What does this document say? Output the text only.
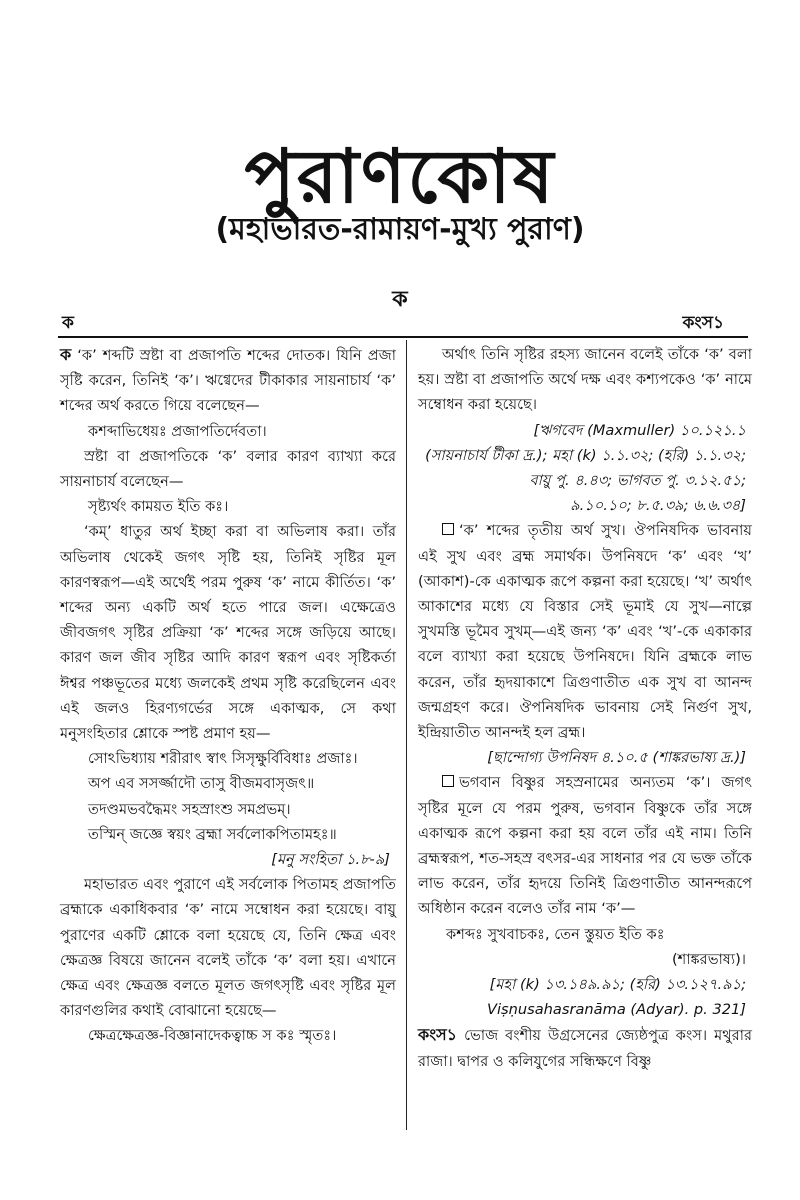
পুরাণকোষ
(মহাভারত-রামায়ণ-মুখ্য পুরাণ)
ক
ক	কংস১

ক ‘ক’ শব্দটি স্রষ্টা বা প্রজাপতি শব্দের দোতক। যিনি প্রজা সৃষ্টি করেন, তিনিই ‘ক’। ঋগ্বেদের টীকাকার সায়নাচার্য ‘ক’ শব্দের অর্থ করতে গিয়ে বলেছেন—

কশব্দাভিধেয়ঃ প্রজাপতির্দেবতা।

স্রষ্টা বা প্রজাপতিকে ‘ক’ বলার কারণ ব্যাখ্যা করে সায়নাচার্য বলেছেন—

সৃষ্ট্যর্থং কাময়ত ইতি কঃ।

‘কম্’ ধাতুর অর্থ ইচ্ছা করা বা অভিলাষ করা। তাঁর অভিলাষ থেকেই জগৎ সৃষ্টি হয়, তিনিই সৃষ্টির মূল কারণস্বরূপ—এই অর্থেই পরম পুরুষ ‘ক’ নামে কীর্তিত। ‘ক’ শব্দের অন্য একটি অর্থ হতে পারে জল। এক্ষেত্রেও জীবজগৎ সৃষ্টির প্রক্রিয়া ‘ক’ শব্দের সঙ্গে জড়িয়ে আছে। কারণ জল জীব সৃষ্টির আদি কারণ স্বরূপ এবং সৃষ্টিকর্তা ঈশ্বর পঞ্চভূতের মধ্যে জলকেই প্রথম সৃষ্টি করেছিলেন এবং এই জলও হিরণ্যগর্ভের সঙ্গে একাত্মক, সে কথা মনুসংহিতার শ্লোকে স্পষ্ট প্রমাণ হয়—

সোঽভিধ্যায় শরীরাৎ স্বাৎ সিসৃক্ষুর্বিবিধাঃ প্রজাঃ।

অপ এব সসর্জ্জাদৌ তাসু বীজমবাসৃজৎ॥

তদণ্ডমভবদ্ধৈমং সহস্রাংশু সমপ্রভম্।

তস্মিন্ জজ্ঞে স্বয়ং ব্রহ্মা সর্বলোকপিতামহঃ॥

[মনু সংহিতা ১.৮-৯]

মহাভারত এবং পুরাণে এই সর্বলোক পিতামহ প্রজাপতি ব্রহ্মাকে একাধিকবার ‘ক’ নামে সম্বোধন করা হয়েছে। বায়ু পুরাণের একটি শ্লোকে বলা হয়েছে যে, তিনি ক্ষেত্র এবং ক্ষেত্রজ্ঞ বিষয়ে জানেন বলেই তাঁকে ‘ক’ বলা হয়। এখানে ক্ষেত্র এবং ক্ষেত্রজ্ঞ বলতে মূলত জগৎসৃষ্টি এবং সৃষ্টির মূল কারণগুলির কথাই বোঝানো হয়েছে—

ক্ষেত্রক্ষেত্রজ্ঞ-বিজ্ঞানাদেকত্বাচ্চ স কঃ স্মৃতঃ।

অর্থাৎ তিনি সৃষ্টির রহস্য জানেন বলেই তাঁকে ‘ক’ বলা হয়। স্রষ্টা বা প্রজাপতি অর্থে দক্ষ এবং কশ্যপকেও ‘ক’ নামে সম্বোধন করা হয়েছে।

[ঋগবেদ (Maxmuller) ১০.১২১.১

(সায়নাচার্য টীকা দ্র.); মহা (k) ১.১.৩২; (হরি) ১.১.৩২;

বায়ু পু. ৪.৪৩; ভাগবত পু. ৩.১২.৫১;

৯.১০.১০; ৮.৫.৩৯; ৬.৬.৩৪]

‘ক’ শব্দের তৃতীয় অর্থ সুখ। ঔপনিষদিক ভাবনায় এই সুখ এবং ব্রহ্ম সমার্থক। উপনিষদে ‘ক’ এবং ‘খ’ (আকাশ)-কে একাত্মক রূপে কল্পনা করা হয়েছে। ‘খ’ অর্থাৎ আকাশের মধ্যে যে বিস্তার সেই ভূমাই যে সুখ—নাল্পে সুখমস্তি ভূমৈব সুখম্—এই জন্য ‘ক’ এবং ‘খ’-কে একাকার বলে ব্যাখ্যা করা হয়েছে উপনিষদে। যিনি ব্রহ্মকে লাভ করেন, তাঁর হৃদয়াকাশে ত্রিগুণাতীত এক সুখ বা আনন্দ জন্মগ্রহণ করে। ঔপনিষদিক ভাবনায় সেই নির্গুণ সুখ, ইন্দ্রিয়াতীত আনন্দই হল ব্রহ্ম।

[ছান্দোগ্য উপনিষদ ৪.১০.৫ (শাঙ্করভাষ্য দ্র.)]

ভগবান বিষ্ণুর সহস্রনামের অন্যতম ‘ক’। জগৎ সৃষ্টির মূলে যে পরম পুরুষ, ভগবান বিষ্ণুকে তাঁর সঙ্গে একাত্মক রূপে কল্পনা করা হয় বলে তাঁর এই নাম। তিনি ব্রহ্মস্বরূপ, শত-সহস্র বৎসর-এর সাধনার পর যে ভক্ত তাঁকে লাভ করেন, তাঁর হৃদয়ে তিনিই ত্রিগুণাতীত আনন্দরূপে অধিষ্ঠান করেন বলেও তাঁর নাম ‘ক’—

কশব্দঃ সুখবাচকঃ, তেন স্তুয়ত ইতি কঃ

(শাঙ্করভাষ্য)।

[মহা (k) ১৩.১৪৯.৯১; (হরি) ১৩.১২৭.৯১;

Viṣṇusahasranāma (Adyar). p. 321]

কংস১ ভোজ বংশীয় উগ্রসেনের জ্যেষ্ঠপুত্র কংস। মথুরার রাজা। দ্বাপর ও কলিযুগের সন্ধিক্ষণে বিষ্ণু
